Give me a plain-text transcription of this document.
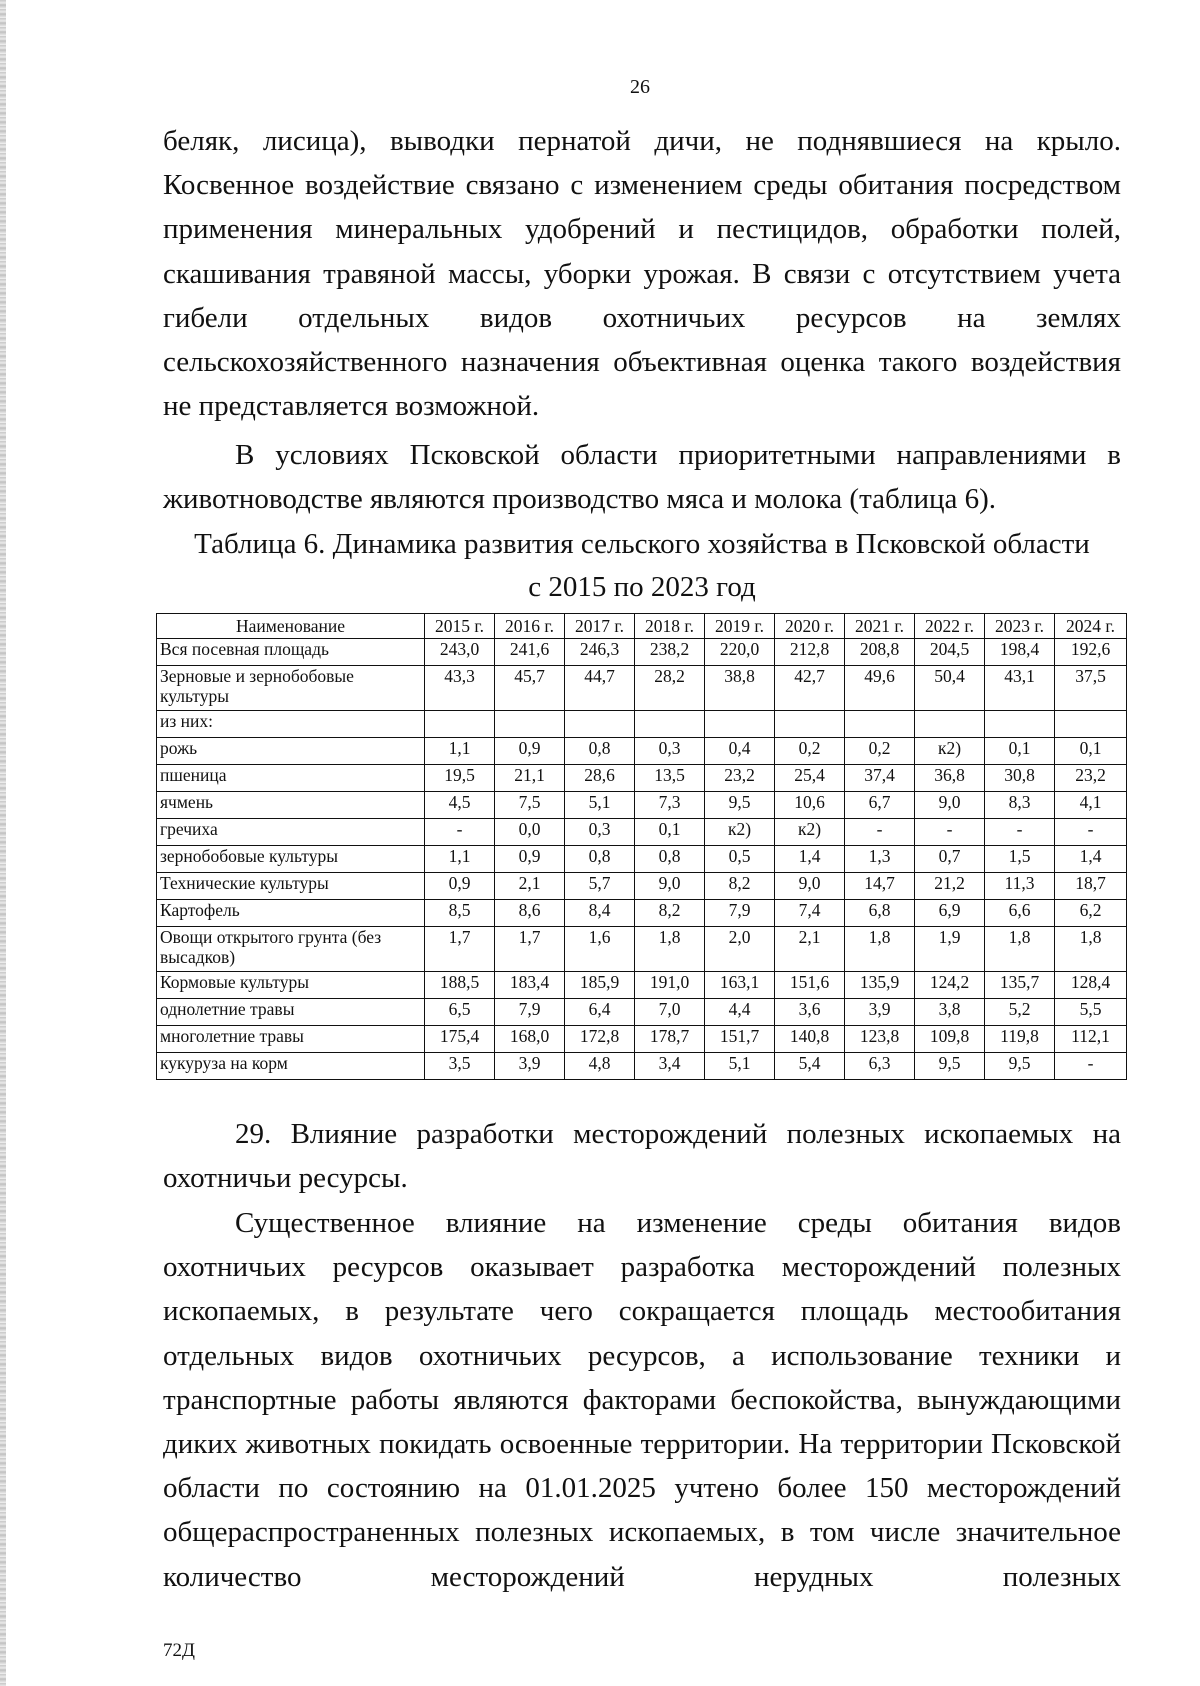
26
беляк, лисица), выводки пернатой дичи, не поднявшиеся на крыло. Косвенное воздействие связано с изменением среды обитания посредством применения минеральных удобрений и пестицидов, обработки полей, скашивания травяной массы, уборки урожая. В связи с отсутствием учета гибели отдельных видов охотничьих ресурсов на землях сельскохозяйственного назначения объективная оценка такого воздействия не представляется возможной.
В условиях Псковской области приоритетными направлениями в животноводстве являются производство мяса и молока (таблица 6).
Таблица 6. Динамика развития сельского хозяйства в Псковской области
с 2015 по 2023 год
Наименование	2015 г.	2016 г.	2017 г.	2018 г.	2019 г.	2020 г.	2021 г.	2022 г.	2023 г.	2024 г.
Вся посевная площадь	243,0	241,6	246,3	238,2	220,0	212,8	208,8	204,5	198,4	192,6
Зерновые и зернобобовые культуры	43,3	45,7	44,7	28,2	38,8	42,7	49,6	50,4	43,1	37,5
из них:										
рожь	1,1	0,9	0,8	0,3	0,4	0,2	0,2	к2)	0,1	0,1
пшеница	19,5	21,1	28,6	13,5	23,2	25,4	37,4	36,8	30,8	23,2
ячмень	4,5	7,5	5,1	7,3	9,5	10,6	6,7	9,0	8,3	4,1
гречиха	-	0,0	0,3	0,1	к2)	к2)	-	-	-	-
зернобобовые культуры	1,1	0,9	0,8	0,8	0,5	1,4	1,3	0,7	1,5	1,4
Технические культуры	0,9	2,1	5,7	9,0	8,2	9,0	14,7	21,2	11,3	18,7
Картофель	8,5	8,6	8,4	8,2	7,9	7,4	6,8	6,9	6,6	6,2
Овощи открытого грунта (без высадков)	1,7	1,7	1,6	1,8	2,0	2,1	1,8	1,9	1,8	1,8
Кормовые культуры	188,5	183,4	185,9	191,0	163,1	151,6	135,9	124,2	135,7	128,4
однолетние травы	6,5	7,9	6,4	7,0	4,4	3,6	3,9	3,8	5,2	5,5
многолетние травы	175,4	168,0	172,8	178,7	151,7	140,8	123,8	109,8	119,8	112,1
кукуруза на корм	3,5	3,9	4,8	3,4	5,1	5,4	6,3	9,5	9,5	-
29. Влияние разработки месторождений полезных ископаемых на охотничьи ресурсы.
Существенное влияние на изменение среды обитания видов охотничьих ресурсов оказывает разработка месторождений полезных ископаемых, в результате чего сокращается площадь местообитания отдельных видов охотничьих ресурсов, а использование техники и транспортные работы являются факторами беспокойства, вынуждающими диких животных покидать освоенные территории. На территории Псковской области по состоянию на 01.01.2025 учтено более 150 месторождений общераспространенных полезных ископаемых, в том числе значительное количество месторождений нерудных полезных
72Д
